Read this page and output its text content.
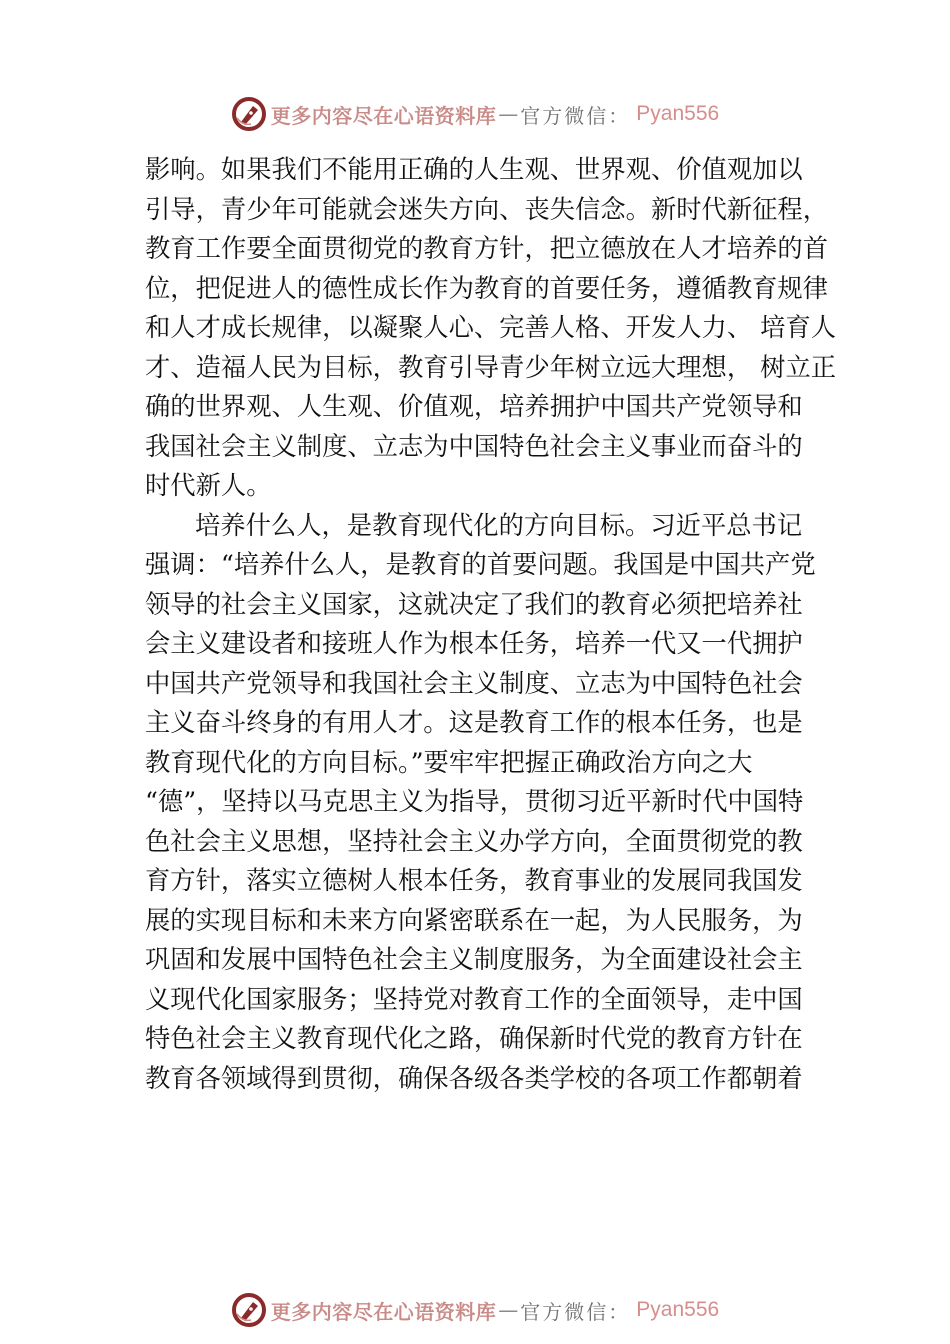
更多内容尽在心语资料库 — 官方微信： Pyan556
影响。如果我们不能用正确的人生观、世界观、价值观加以
引导，青少年可能就会迷失方向、丧失信念。新时代新征程，
教育工作要全面贯彻党的教育方针，把立德放在人才培养的首
位，把促进人的德性成长作为教育的首要任务，遵循教育规律
和人才成长规律，以凝聚人心、完善人格、开发人力、 培育人
才、造福人民为目标，教育引导青少年树立远大理想， 树立正
确的世界观、人生观、价值观，培养拥护中国共产党领导和
我国社会主义制度、立志为中国特色社会主义事业而奋斗的
时代新人。
培养什么人，是教育现代化的方向目标。习近平总书记
强调：“培养什么人，是教育的首要问题。我国是中国共产党
领导的社会主义国家，这就决定了我们的教育必须把培养社
会主义建设者和接班人作为根本任务，培养一代又一代拥护
中国共产党领导和我国社会主义制度、立志为中国特色社会
主义奋斗终身的有用人才。这是教育工作的根本任务，也是
教育现代化的方向目标。”要牢牢把握正确政治方向之大
“德”，坚持以马克思主义为指导，贯彻习近平新时代中国特
色社会主义思想，坚持社会主义办学方向，全面贯彻党的教
育方针，落实立德树人根本任务，教育事业的发展同我国发
展的实现目标和未来方向紧密联系在一起，为人民服务，为
巩固和发展中国特色社会主义制度服务，为全面建设社会主
义现代化国家服务；坚持党对教育工作的全面领导，走中国
特色社会主义教育现代化之路，确保新时代党的教育方针在
教育各领域得到贯彻，确保各级各类学校的各项工作都朝着
更多内容尽在心语资料库 — 官方微信： Pyan556
